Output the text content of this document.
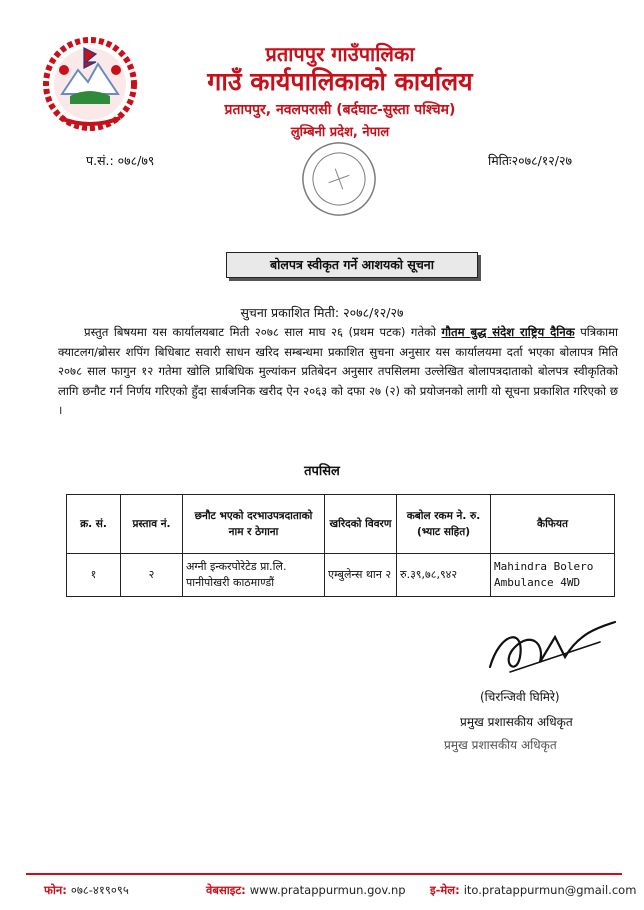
प्रतापपुर गाउँपालिका
गाउँ कार्यपालिकाको कार्यालय
प्रतापपुर, नवलपरासी (बर्दघाट-सुस्ता पश्चिम)
लुम्बिनी प्रदेश, नेपाल
प.सं.: ०७८/७९	मितिः२०७८/१२/२७
बोलपत्र स्वीकृत गर्ने आशयको सूचना
सुचना प्रकाशित मिती: २०७८/१२/२७
प्रस्तुत बिषयमा यस कार्यालयबाट मिती २०७८ साल माघ २६ (प्रथम पटक) गतेको गौतम बुद्ध संदेश राष्ट्रिय दैनिक पत्रिकामा क्याटलग/ब्रोसर शपिंग बिधिबाट सवारी साधन खरिद सम्बन्धमा प्रकाशित सुचना अनुसार यस कार्यालयमा दर्ता भएका बोलापत्र मिति २०७८ साल फागुन १२ गतेमा खोलि प्राबिधिक मुल्यांकन प्रतिबेदन अनुसार तपसिलमा उल्लेखित बोलापत्रदाताको बोलपत्र स्वीकृतिको लागि छनौट गर्न निर्णय गरिएको हुँदा सार्बजनिक खरीद ऐन २०६३ को दफा २७ (२) को प्रयोजनको लागी यो सूचना प्रकाशित गरिएको छ ।
तपसिल
क्र. सं.	प्रस्ताव नं.	छनौट भएको दरभाउपत्रदाताको नाम र ठेगाना	खरिदको विवरण	कबोल रकम ने. रु. (भ्याट सहित)	कैफियत
१	२	अग्नी इन्करपोरेटेड प्रा.लि. पानीपोखरी काठमाण्डौं	एम्बुलेन्स थान २	रु.३९,७८,९४२	Mahindra Bolero Ambulance 4WD
(चिरन्जिवी घिमिरे)
प्रमुख प्रशासकीय अधिकृत
प्रमुख प्रशासकीय अधिकृत
फोन: ०७८-४१९०९५	वेबसाइट: www.pratappurmun.gov.np इ-मेल: ito.pratappurmun@gmail.com
